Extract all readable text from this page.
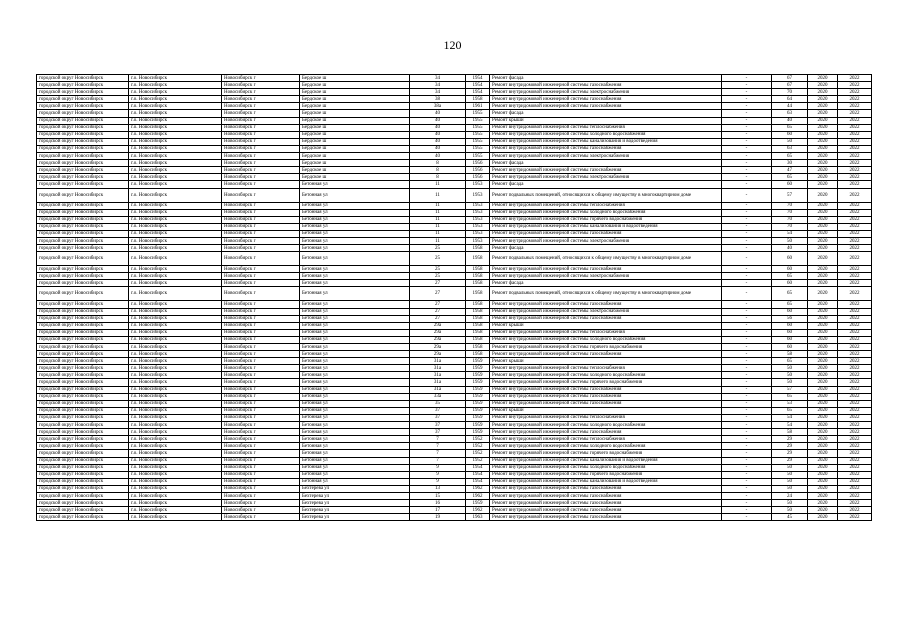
120
городской округ Новосибирск	г.о. Новосибирск	Новосибирск г	Бердское ш	34	1954	Ремонт фасада	-	67	2020	2022
городской округ Новосибирск	г.о. Новосибирск	Новосибирск г	Бердское ш	34	1954	Ремонт внутридомовой инженерной системы газоснабжения	-	67	2020	2022
городской округ Новосибирск	г.о. Новосибирск	Новосибирск г	Бердское ш	34	1954	Ремонт внутридомовой инженерной системы электроснабжения	-	70	2020	2022
городской округ Новосибирск	г.о. Новосибирск	Новосибирск г	Бердское ш	38	1958	Ремонт внутридомовой инженерной системы газоснабжения	-	64	2020	2022
городской округ Новосибирск	г.о. Новосибирск	Новосибирск г	Бердское ш	38а	1961	Ремонт внутридомовой инженерной системы газоснабжения	-	44	2020	2022
городской округ Новосибирск	г.о. Новосибирск	Новосибирск г	Бердское ш	40	1955	Ремонт фасада	-	63	2020	2022
городской округ Новосибирск	г.о. Новосибирск	Новосибирск г	Бердское ш	40	1955	Ремонт крыши	-	40	2020	2022
городской округ Новосибирск	г.о. Новосибирск	Новосибирск г	Бердское ш	40	1955	Ремонт внутридомовой инженерной системы теплоснабжения	-	65	2020	2022
городской округ Новосибирск	г.о. Новосибирск	Новосибирск г	Бердское ш	40	1955	Ремонт внутридомовой инженерной системы холодного водоснабжения	-	60	2020	2022
городской округ Новосибирск	г.о. Новосибирск	Новосибирск г	Бердское ш	40	1955	Ремонт внутридомовой инженерной системы канализования и водоотведения	-	50	2020	2022
городской округ Новосибирск	г.о. Новосибирск	Новосибирск г	Бердское ш	40	1955	Ремонт внутридомовой инженерной системы газоснабжения	-	63	2020	2022
городской округ Новосибирск	г.о. Новосибирск	Новосибирск г	Бердское ш	40	1955	Ремонт внутридомовой инженерной системы электроснабжения	-	65	2020	2022
городской округ Новосибирск	г.о. Новосибирск	Новосибирск г	Бердское ш	8	1956	Ремонт фасада	-	30	2020	2022
городской округ Новосибирск	г.о. Новосибирск	Новосибирск г	Бердское ш	8	1956	Ремонт внутридомовой инженерной системы газоснабжения	-	47	2020	2022
городской округ Новосибирск	г.о. Новосибирск	Новосибирск г	Бердское ш	8	1956	Ремонт внутридомовой инженерной системы электроснабжения	-	65	2020	2022
городской округ Новосибирск	г.о. Новосибирск	Новосибирск г	Бетонная ул	11	1953	Ремонт фасада	-	60	2020	2022
городской округ Новосибирск	г.о. Новосибирск	Новосибирск г	Бетонная ул	11	1953	Ремонт подвальных помещений, относящихся к общему имуществу в многоквартирном доме	-	57	2020	2022
городской округ Новосибирск	г.о. Новосибирск	Новосибирск г	Бетонная ул	11	1953	Ремонт внутридомовой инженерной системы теплоснабжения	-	70	2020	2022
городской округ Новосибирск	г.о. Новосибирск	Новосибирск г	Бетонная ул	11	1953	Ремонт внутридомовой инженерной системы холодного водоснабжения	-	70	2020	2022
городской округ Новосибирск	г.о. Новосибирск	Новосибирск г	Бетонная ул	11	1953	Ремонт внутридомовой инженерной системы горячего водоснабжения	-	70	2020	2022
городской округ Новосибирск	г.о. Новосибирск	Новосибирск г	Бетонная ул	11	1953	Ремонт внутридомовой инженерной системы канализования и водоотведения	-	70	2020	2022
городской округ Новосибирск	г.о. Новосибирск	Новосибирск г	Бетонная ул	11	1953	Ремонт внутридомовой инженерной системы газоснабжения	-	54	2020	2022
городской округ Новосибирск	г.о. Новосибирск	Новосибирск г	Бетонная ул	11	1953	Ремонт внутридомовой инженерной системы электроснабжения	-	50	2020	2022
городской округ Новосибирск	г.о. Новосибирск	Новосибирск г	Бетонная ул	25	1958	Ремонт фасада	-	40	2020	2022
городской округ Новосибирск	г.о. Новосибирск	Новосибирск г	Бетонная ул	25	1958	Ремонт подвальных помещений, относящихся к общему имуществу в многоквартирном доме	-	60	2020	2022
городской округ Новосибирск	г.о. Новосибирск	Новосибирск г	Бетонная ул	25	1958	Ремонт внутридомовой инженерной системы газоснабжения	-	60	2020	2022
городской округ Новосибирск	г.о. Новосибирск	Новосибирск г	Бетонная ул	25	1958	Ремонт внутридомовой инженерной системы электроснабжения	-	65	2020	2022
городской округ Новосибирск	г.о. Новосибирск	Новосибирск г	Бетонная ул	27	1958	Ремонт фасада	-	60	2020	2022
городской округ Новосибирск	г.о. Новосибирск	Новосибирск г	Бетонная ул	27	1958	Ремонт подвальных помещений, относящихся к общему имуществу в многоквартирном доме	-	65	2020	2022
городской округ Новосибирск	г.о. Новосибирск	Новосибирск г	Бетонная ул	27	1958	Ремонт внутридомовой инженерной системы газоснабжения	-	65	2020	2022
городской округ Новосибирск	г.о. Новосибирск	Новосибирск г	Бетонная ул	27	1958	Ремонт внутридомовой инженерной системы электроснабжения	-	60	2020	2022
городской округ Новосибирск	г.о. Новосибирск	Новосибирск г	Бетонная ул	27	1958	Ремонт внутридомовой инженерной системы газоснабжения	-	56	2020	2022
городской округ Новосибирск	г.о. Новосибирск	Новосибирск г	Бетонная ул	29а	1958	Ремонт крыши	-	60	2020	2022
городской округ Новосибирск	г.о. Новосибирск	Новосибирск г	Бетонная ул	29а	1958	Ремонт внутридомовой инженерной системы теплоснабжения	-	60	2020	2022
городской округ Новосибирск	г.о. Новосибирск	Новосибирск г	Бетонная ул	29а	1958	Ремонт внутридомовой инженерной системы холодного водоснабжения	-	60	2020	2022
городской округ Новосибирск	г.о. Новосибирск	Новосибирск г	Бетонная ул	29а	1958	Ремонт внутридомовой инженерной системы горячего водоснабжения	-	60	2020	2022
городской округ Новосибирск	г.о. Новосибирск	Новосибирск г	Бетонная ул	29а	1958	Ремонт внутридомовой инженерной системы газоснабжения	-	58	2020	2022
городской округ Новосибирск	г.о. Новосибирск	Новосибирск г	Бетонная ул	31а	1959	Ремонт крыши	-	65	2020	2022
городской округ Новосибирск	г.о. Новосибирск	Новосибирск г	Бетонная ул	31а	1959	Ремонт внутридомовой инженерной системы теплоснабжения	-	50	2020	2022
городской округ Новосибирск	г.о. Новосибирск	Новосибирск г	Бетонная ул	31а	1959	Ремонт внутридомовой инженерной системы холодного водоснабжения	-	50	2020	2022
городской округ Новосибирск	г.о. Новосибирск	Новосибирск г	Бетонная ул	31а	1959	Ремонт внутридомовой инженерной системы горячего водоснабжения	-	50	2020	2022
городской округ Новосибирск	г.о. Новосибирск	Новосибирск г	Бетонная ул	31а	1959	Ремонт внутридомовой инженерной системы газоснабжения	-	57	2020	2022
городской округ Новосибирск	г.о. Новосибирск	Новосибирск г	Бетонная ул	33а	1959	Ремонт внутридомовой инженерной системы газоснабжения	-	65	2020	2022
городской округ Новосибирск	г.о. Новосибирск	Новосибирск г	Бетонная ул	35	1959	Ремонт внутридомовой инженерной системы газоснабжения	-	53	2020	2022
городской округ Новосибирск	г.о. Новосибирск	Новосибирск г	Бетонная ул	37	1959	Ремонт крыши	-	65	2020	2022
городской округ Новосибирск	г.о. Новосибирск	Новосибирск г	Бетонная ул	37	1959	Ремонт внутридомовой инженерной системы теплоснабжения	-	54	2020	2022
городской округ Новосибирск	г.о. Новосибирск	Новосибирск г	Бетонная ул	37	1959	Ремонт внутридомовой инженерной системы холодного водоснабжения	-	54	2020	2022
городской округ Новосибирск	г.о. Новосибирск	Новосибирск г	Бетонная ул	37	1959	Ремонт внутридомовой инженерной системы газоснабжения	-	58	2020	2022
городской округ Новосибирск	г.о. Новосибирск	Новосибирск г	Бетонная ул	7	1952	Ремонт внутридомовой инженерной системы теплоснабжения	-	29	2020	2022
городской округ Новосибирск	г.о. Новосибирск	Новосибирск г	Бетонная ул	7	1952	Ремонт внутридомовой инженерной системы холодного водоснабжения	-	29	2020	2022
городской округ Новосибирск	г.о. Новосибирск	Новосибирск г	Бетонная ул	7	1952	Ремонт внутридомовой инженерной системы горячего водоснабжения	-	29	2020	2022
городской округ Новосибирск	г.о. Новосибирск	Новосибирск г	Бетонная ул	7	1952	Ремонт внутридомовой инженерной системы канализования и водоотведения	-	29	2020	2022
городской округ Новосибирск	г.о. Новосибирск	Новосибирск г	Бетонная ул	9	1954	Ремонт внутридомовой инженерной системы холодного водоснабжения	-	50	2020	2022
городской округ Новосибирск	г.о. Новосибирск	Новосибирск г	Бетонная ул	9	1954	Ремонт внутридомовой инженерной системы горячего водоснабжения	-	50	2020	2022
городской округ Новосибирск	г.о. Новосибирск	Новосибирск г	Бетонная ул	9	1954	Ремонт внутридомовой инженерной системы канализования и водоотведения	-	50	2020	2022
городской округ Новосибирск	г.о. Новосибирск	Новосибирск г	Бехтерева ул	13	1962	Ремонт внутридомовой инженерной системы газоснабжения	-	50	2020	2022
городской округ Новосибирск	г.о. Новосибирск	Новосибирск г	Бехтерева ул	15	1962	Ремонт внутридомовой инженерной системы газоснабжения	-	24	2020	2022
городской округ Новосибирск	г.о. Новосибирск	Новосибирск г	Бехтерева ул	16	1959	Ремонт внутридомовой инженерной системы газоснабжения	-	50	2020	2022
городской округ Новосибирск	г.о. Новосибирск	Новосибирск г	Бехтерева ул	17	1962	Ремонт внутридомовой инженерной системы газоснабжения	-	50	2020	2022
городской округ Новосибирск	г.о. Новосибирск	Новосибирск г	Бехтерева ул	19	1963	Ремонт внутридомовой инженерной системы газоснабжения	-	45	2020	2022
